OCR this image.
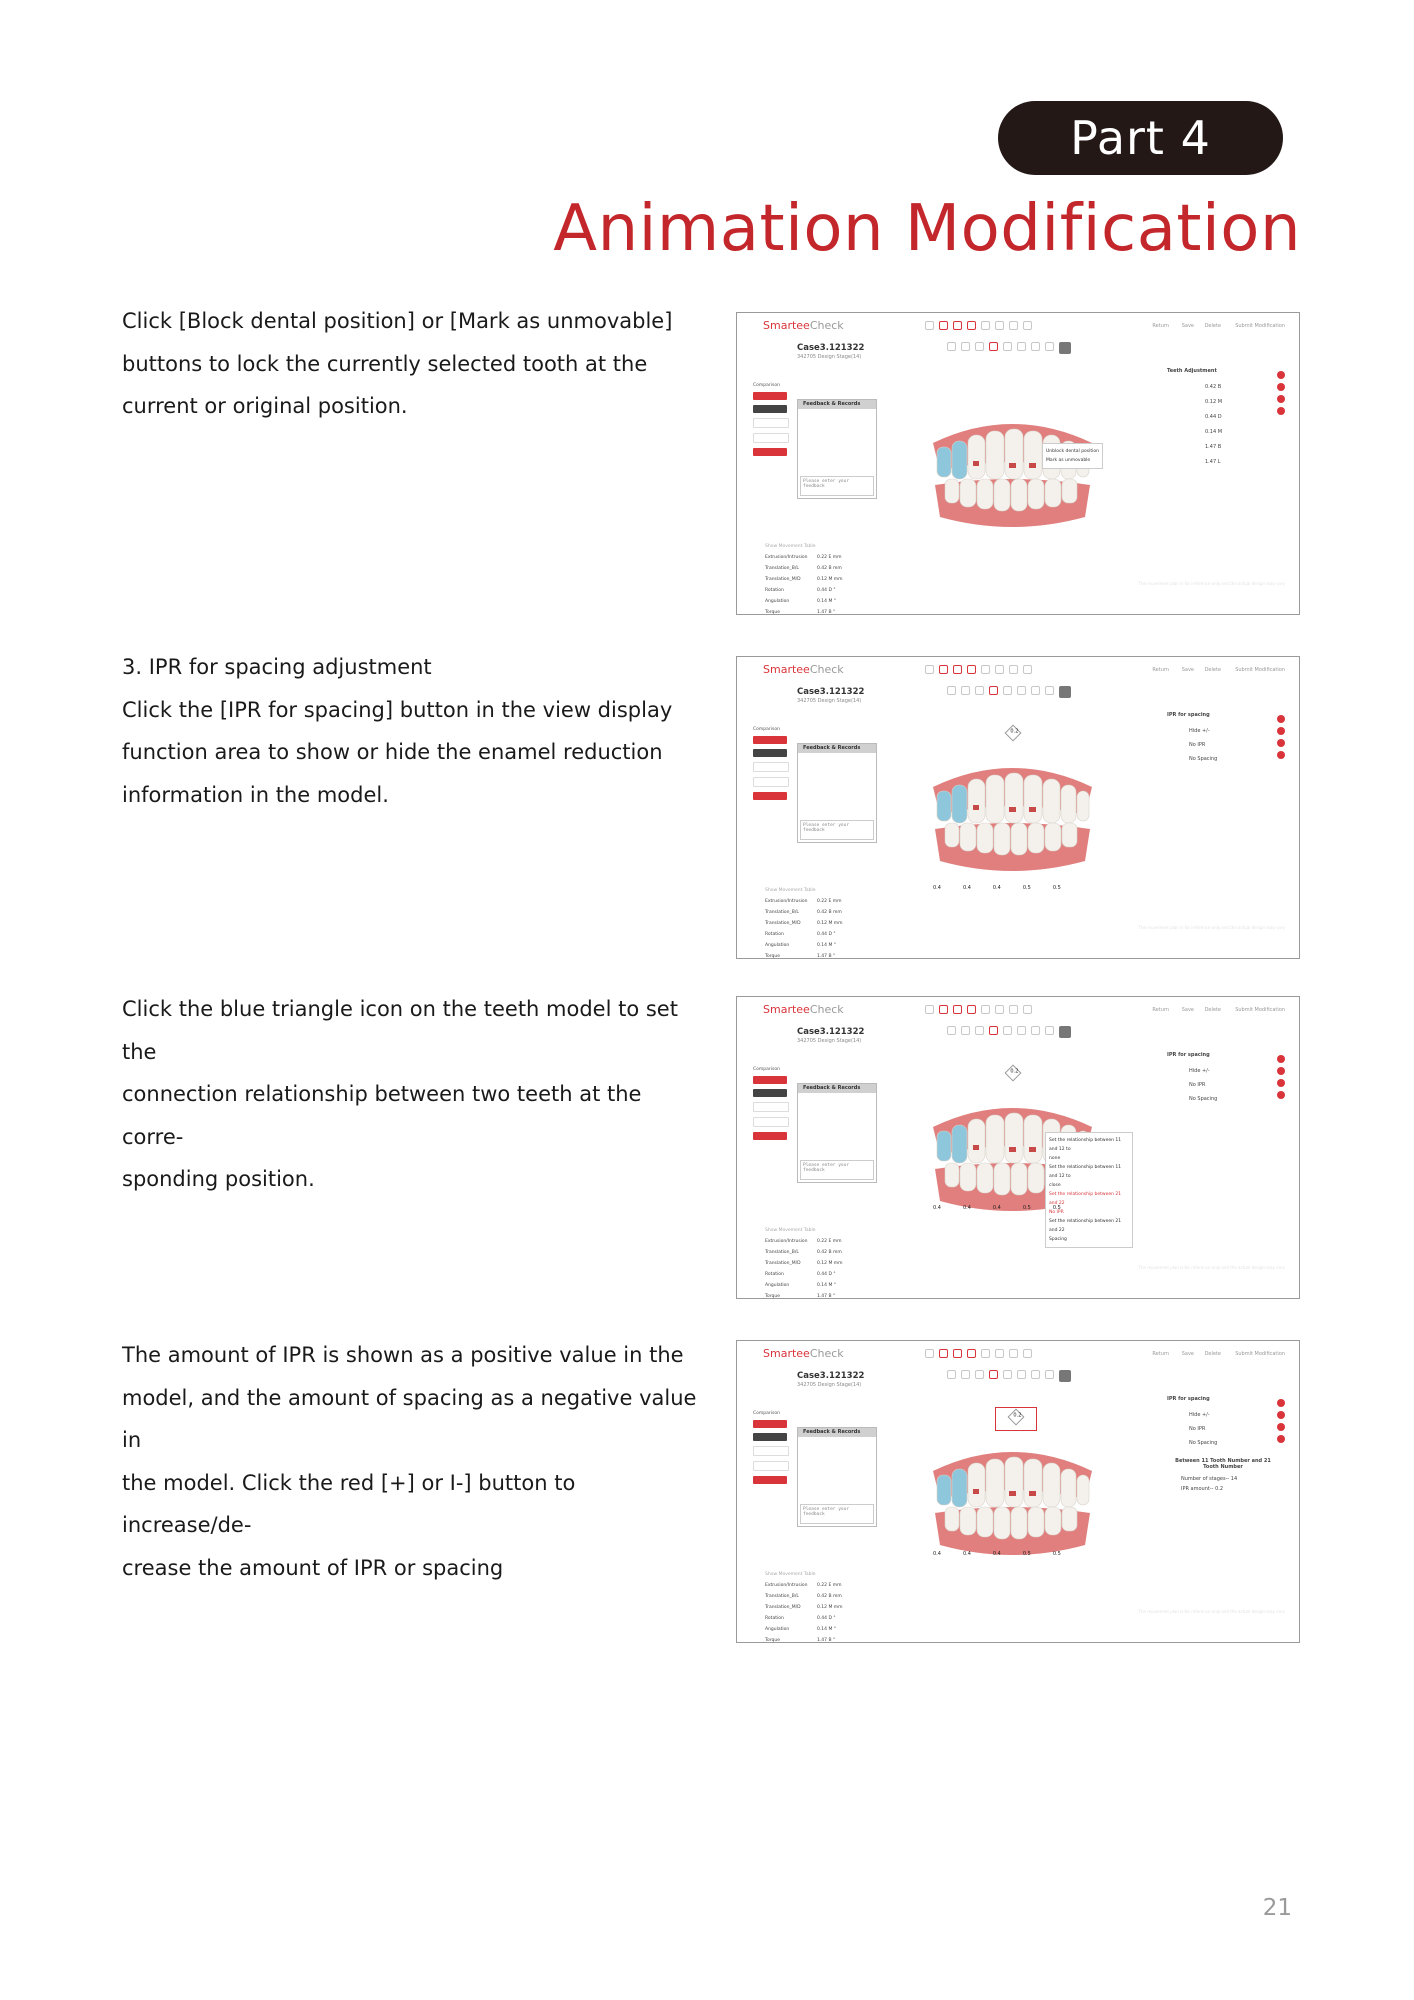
Part 4
Animation Modification
Click [Block dental position] or [Mark as unmovable]
buttons to lock the currently selected tooth at the
current or original position.
3. IPR for spacing adjustment
Click the [IPR for spacing] button in the view display
function area to show or hide the enamel reduction
information in the model.
Click the blue triangle icon on the teeth model to set the
connection relationship between two teeth at the corre-
sponding position.
The amount of IPR is shown as a positive value in the
model, and the amount of spacing as a negative value in
the model. Click the red [+] or I-] button to increase/de-
crease the amount of IPR or spacing
SmarteeCheck
Case3.121322
342705 Design Stage(14)
Return	Save Delete	Submit Modification
Comparison
Feedback & Records
Please enter your feedback
Show Movement Table
Extrusion/Intrusion 0.22 E mm
Translation_B/L	0.42 B mm
Translation_M/D	0.12 M mm
Rotation	0.44 D °
Angulation	0.14 M °
Torque	1.47 B °
The movement plan is for reference only and the actual design may vary
Teeth Adjustment
0.42 B
0.12 M
0.44 D
0.14 M
1.47 B
1.47 L
Unblock dental position
Mark as unmovable
SmarteeCheck
Case3.121322
342705 Design Stage(14)
Return	Save Delete	Submit Modification
Comparison
Feedback & Records
Please enter your feedback
Show Movement Table
Extrusion/Intrusion 0.22 E mm
Translation_B/L	0.42 B mm
Translation_M/D	0.12 M mm
Rotation	0.44 D °
Angulation	0.14 M °
Torque	1.47 B °
The movement plan is for reference only and the actual design may vary
IPR for spacing
Hide +/-
No IPR
No Spacing
0.2
0.4	0.4	0.4	0.5	0.5
SmarteeCheck
Case3.121322
342705 Design Stage(14)
Return	Save Delete	Submit Modification
Comparison
Feedback & Records
Please enter your feedback
Show Movement Table
Extrusion/Intrusion 0.22 E mm
Translation_B/L	0.42 B mm
Translation_M/D	0.12 M mm
Rotation	0.44 D °
Angulation	0.14 M °
Torque	1.47 B °
The movement plan is for reference only and the actual design may vary
IPR for spacing
Hide +/-
No IPR
No Spacing
0.2
Set the relationship between 11 and 12 to
none
Set the relationship between 11 and 12 to
close
Set the relationship between 21 and 22
No IPR
Set the relationship between 21 and 22
Spacing
0.4	0.4	0.4	0.5	0.5
SmarteeCheck
Case3.121322
342705 Design Stage(14)
Return	Save Delete	Submit Modification
Comparison
Feedback & Records
Please enter your feedback
Show Movement Table
Extrusion/Intrusion 0.22 E mm
Translation_B/L	0.42 B mm
Translation_M/D	0.12 M mm
Rotation	0.44 D °
Angulation	0.14 M °
Torque	1.47 B °
The movement plan is for reference only and the actual design may vary
IPR for spacing
Hide +/-
No IPR
No Spacing
Between 11 Tooth Number and 21 Tooth Number
Number of stages-- 14
IPR amount-- 0.2
0.2
0.4	0.4	0.4	0.5	0.5
21
